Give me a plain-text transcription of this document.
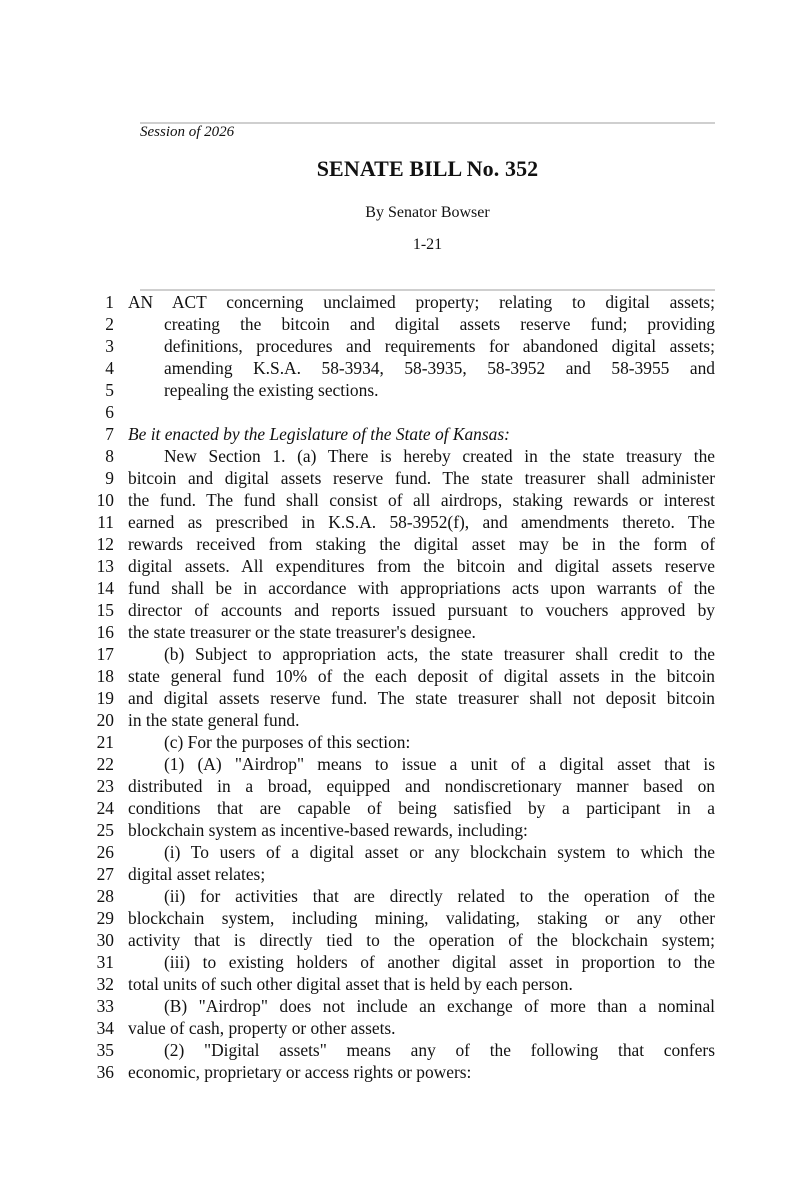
Session of 2026
SENATE BILL No. 352
By Senator Bowser
1-21
1 AN ACT concerning unclaimed property; relating to digital assets;
2	creating the bitcoin and digital assets reserve fund; providing
3	definitions, procedures and requirements for abandoned digital assets;
4	amending K.S.A. 58-3934, 58-3935, 58-3952 and 58-3955 and
5	repealing the existing sections.
6
7 Be it enacted by the Legislature of the State of Kansas:
8	New Section 1. (a) There is hereby created in the state treasury the
9 bitcoin and digital assets reserve fund. The state treasurer shall administer
10 the fund. The fund shall consist of all airdrops, staking rewards or interest
11 earned as prescribed in K.S.A. 58-3952(f), and amendments thereto. The
12 rewards received from staking the digital asset may be in the form of
13 digital assets. All expenditures from the bitcoin and digital assets reserve
14 fund shall be in accordance with appropriations acts upon warrants of the
15 director of accounts and reports issued pursuant to vouchers approved by
16 the state treasurer or the state treasurer's designee.
17	(b) Subject to appropriation acts, the state treasurer shall credit to the
18 state general fund 10% of the each deposit of digital assets in the bitcoin
19 and digital assets reserve fund. The state treasurer shall not deposit bitcoin
20 in the state general fund.
21	(c) For the purposes of this section:
22	(1) (A) "Airdrop" means to issue a unit of a digital asset that is
23 distributed in a broad, equipped and nondiscretionary manner based on
24 conditions that are capable of being satisfied by a participant in a
25 blockchain system as incentive-based rewards, including:
26	(i) To users of a digital asset or any blockchain system to which the
27 digital asset relates;
28	(ii) for activities that are directly related to the operation of the
29 blockchain system, including mining, validating, staking or any other
30 activity that is directly tied to the operation of the blockchain system;
31	(iii) to existing holders of another digital asset in proportion to the
32 total units of such other digital asset that is held by each person.
33	(B) "Airdrop" does not include an exchange of more than a nominal
34 value of cash, property or other assets.
35	(2) "Digital assets" means any of the following that confers
36 economic, proprietary or access rights or powers:
